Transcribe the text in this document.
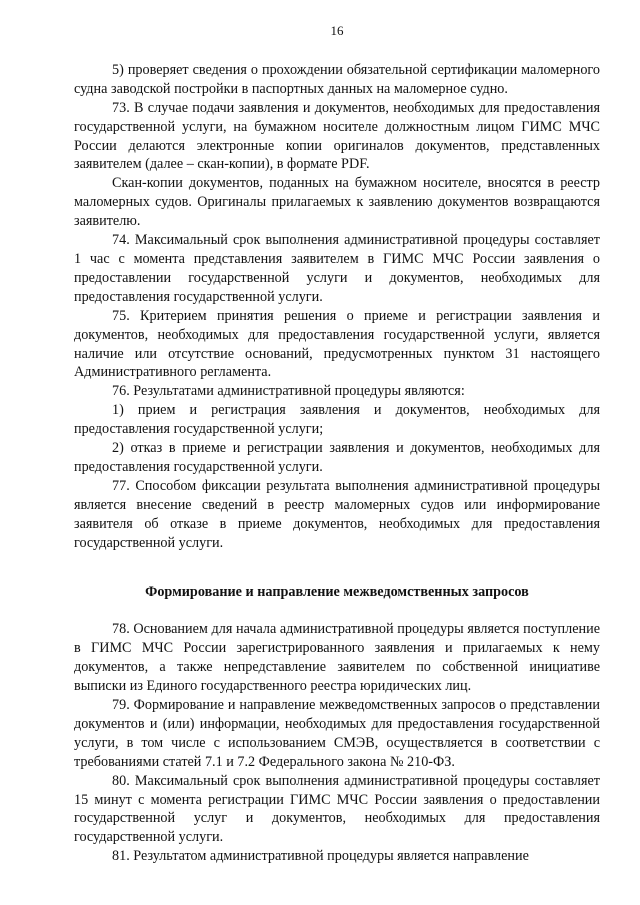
16

5) проверяет сведения о прохождении обязательной сертификации маломерного судна заводской постройки в паспортных данных на маломерное судно.

73. В случае подачи заявления и документов, необходимых для предоставления государственной услуги, на бумажном носителе должностным лицом ГИМС МЧС России делаются электронные копии оригиналов документов, представленных заявителем (далее – скан-копии), в формате PDF.

Скан-копии документов, поданных на бумажном носителе, вносятся в реестр маломерных судов. Оригиналы прилагаемых к заявлению документов возвращаются заявителю.

74. Максимальный срок выполнения административной процедуры составляет 1 час с момента представления заявителем в ГИМС МЧС России заявления о предоставлении государственной услуги и документов, необходимых для предоставления государственной услуги.

75. Критерием принятия решения о приеме и регистрации заявления и документов, необходимых для предоставления государственной услуги, является наличие или отсутствие оснований, предусмотренных пунктом 31 настоящего Административного регламента.

76. Результатами административной процедуры являются:

1) прием и регистрация заявления и документов, необходимых для предоставления государственной услуги;

2) отказ в приеме и регистрации заявления и документов, необходимых для предоставления государственной услуги.

77. Способом фиксации результата выполнения административной процедуры является внесение сведений в реестр маломерных судов или информирование заявителя об отказе в приеме документов, необходимых для предоставления государственной услуги.

Формирование и направление межведомственных запросов

78. Основанием для начала административной процедуры является поступление в ГИМС МЧС России зарегистрированного заявления и прилагаемых к нему документов, а также непредставление заявителем по собственной инициативе выписки из Единого государственного реестра юридических лиц.

79. Формирование и направление межведомственных запросов о представлении документов и (или) информации, необходимых для предоставления государственной услуги, в том числе с использованием СМЭВ, осуществляется в соответствии с требованиями статей 7.1 и 7.2 Федерального закона № 210-ФЗ.

80. Максимальный срок выполнения административной процедуры составляет 15 минут с момента регистрации ГИМС МЧС России заявления о предоставлении государственной услуг и документов, необходимых для предоставления государственной услуги.

81. Результатом административной процедуры является направление
